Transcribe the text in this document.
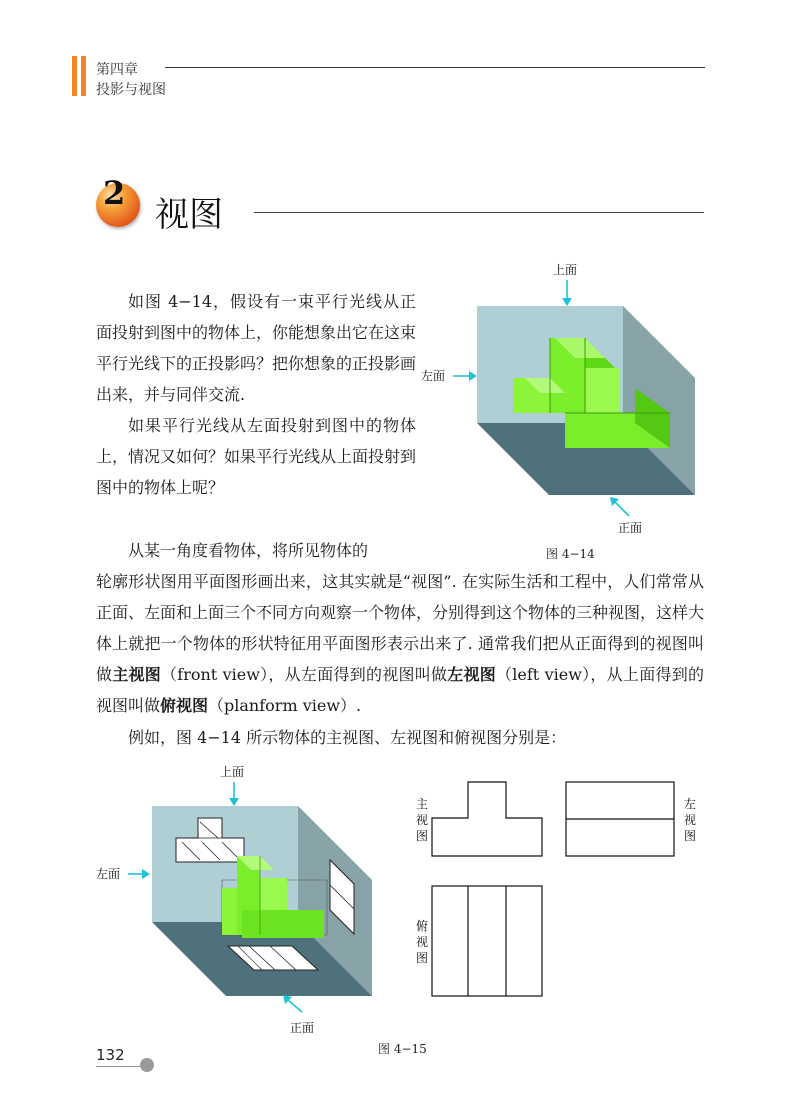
第四章
投影与视图
2
视图
如图 4−14，假设有一束平行光线从正面投射到图中的物体上，你能想象出它在这束平行光线下的正投影吗？把你想象的正投影画出来，并与同伴交流.
如果平行光线从左面投射到图中的物体上，情况又如何？如果平行光线从上面投射到图中的物体上呢？
从某一角度看物体，将所见物体的
上面
左面
正面
图 4−14
轮廓形状图用平面图形画出来，这其实就是“视图”. 在实际生活和工程中，人们常常从正面、左面和上面三个不同方向观察一个物体，分别得到这个物体的三种视图，这样大体上就把一个物体的形状特征用平面图形表示出来了. 通常我们把从正面得到的视图叫做主视图（front view），从左面得到的视图叫做左视图（left view），从上面得到的视图叫做俯视图（planform view）.
例如，图 4−14 所示物体的主视图、左视图和俯视图分别是：
上面
左面
正面
主
视
图
左
视
图
俯
视
图
图 4−15
132
